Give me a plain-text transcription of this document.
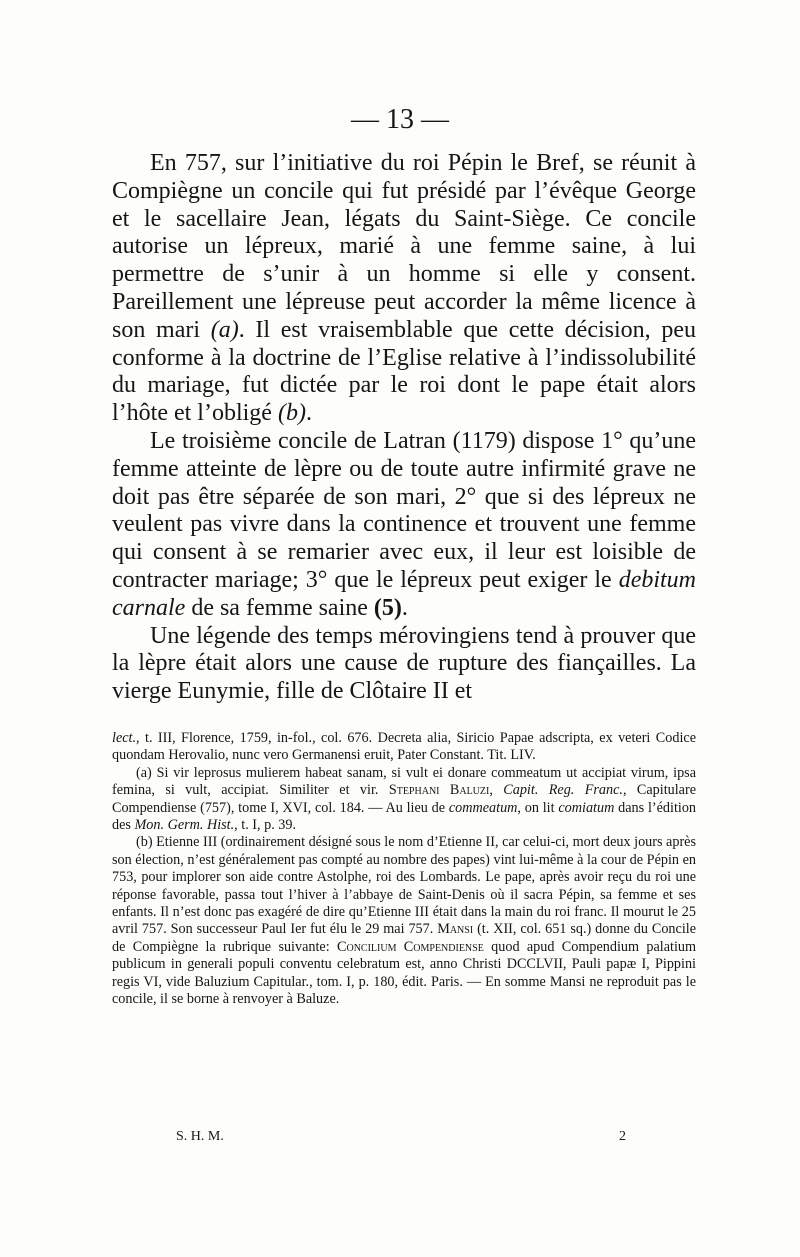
— 13 —

En 757, sur l’initiative du roi Pépin le Bref, se réunit à Compiègne un concile qui fut présidé par l’évêque George et le sacellaire Jean, légats du Saint-Siège. Ce concile autorise un lépreux, marié à une femme saine, à lui permettre de s’unir à un homme si elle y consent. Pareillement une lépreuse peut accorder la même licence à son mari (a). Il est vraisemblable que cette décision, peu conforme à la doctrine de l’Eglise relative à l’indissolubilité du mariage, fut dictée par le roi dont le pape était alors l’hôte et l’obligé (b).

Le troisième concile de Latran (1179) dispose 1° qu’une femme atteinte de lèpre ou de toute autre infirmité grave ne doit pas être séparée de son mari, 2° que si des lépreux ne veulent pas vivre dans la continence et trouvent une femme qui consent à se remarier avec eux, il leur est loisible de contracter mariage; 3° que le lépreux peut exiger le debitum carnale de sa femme saine (5).

Une légende des temps mérovingiens tend à prouver que la lèpre était alors une cause de rupture des fiançailles. La vierge Eunymie, fille de Clôtaire II et

lect., t. III, Florence, 1759, in-fol., col. 676. Decreta alia, Siricio Papae adscripta, ex veteri Codice quondam Herovalio, nunc vero Germanensi eruit, Pater Constant. Tit. LIV.

(a) Si vir leprosus mulierem habeat sanam, si vult ei donare commeatum ut accipiat virum, ipsa femina, si vult, accipiat. Similiter et vir. Stephani Baluzi, Capit. Reg. Franc., Capitulare Compendiense (757), tome I, XVI, col. 184. — Au lieu de commeatum, on lit comiatum dans l’édition des Mon. Germ. Hist., t. I, p. 39.

(b) Etienne III (ordinairement désigné sous le nom d’Etienne II, car celui-ci, mort deux jours après son élection, n’est généralement pas compté au nombre des papes) vint lui-même à la cour de Pépin en 753, pour implorer son aide contre Astolphe, roi des Lombards. Le pape, après avoir reçu du roi une réponse favorable, passa tout l’hiver à l’abbaye de Saint-Denis où il sacra Pépin, sa femme et ses enfants. Il n’est donc pas exagéré de dire qu’Etienne III était dans la main du roi franc. Il mourut le 25 avril 757. Son successeur Paul Ier fut élu le 29 mai 757. Mansi (t. XII, col. 651 sq.) donne du Concile de Compiègne la rubrique suivante: Concilium Compendiense quod apud Compendium palatium publicum in generali populi conventu celebratum est, anno Christi DCCLVII, Pauli papæ I, Pippini regis VI, vide Baluzium Capitular., tom. I, p. 180, édit. Paris. — En somme Mansi ne reproduit pas le concile, il se borne à renvoyer à Baluze.

S. H. M.	2
